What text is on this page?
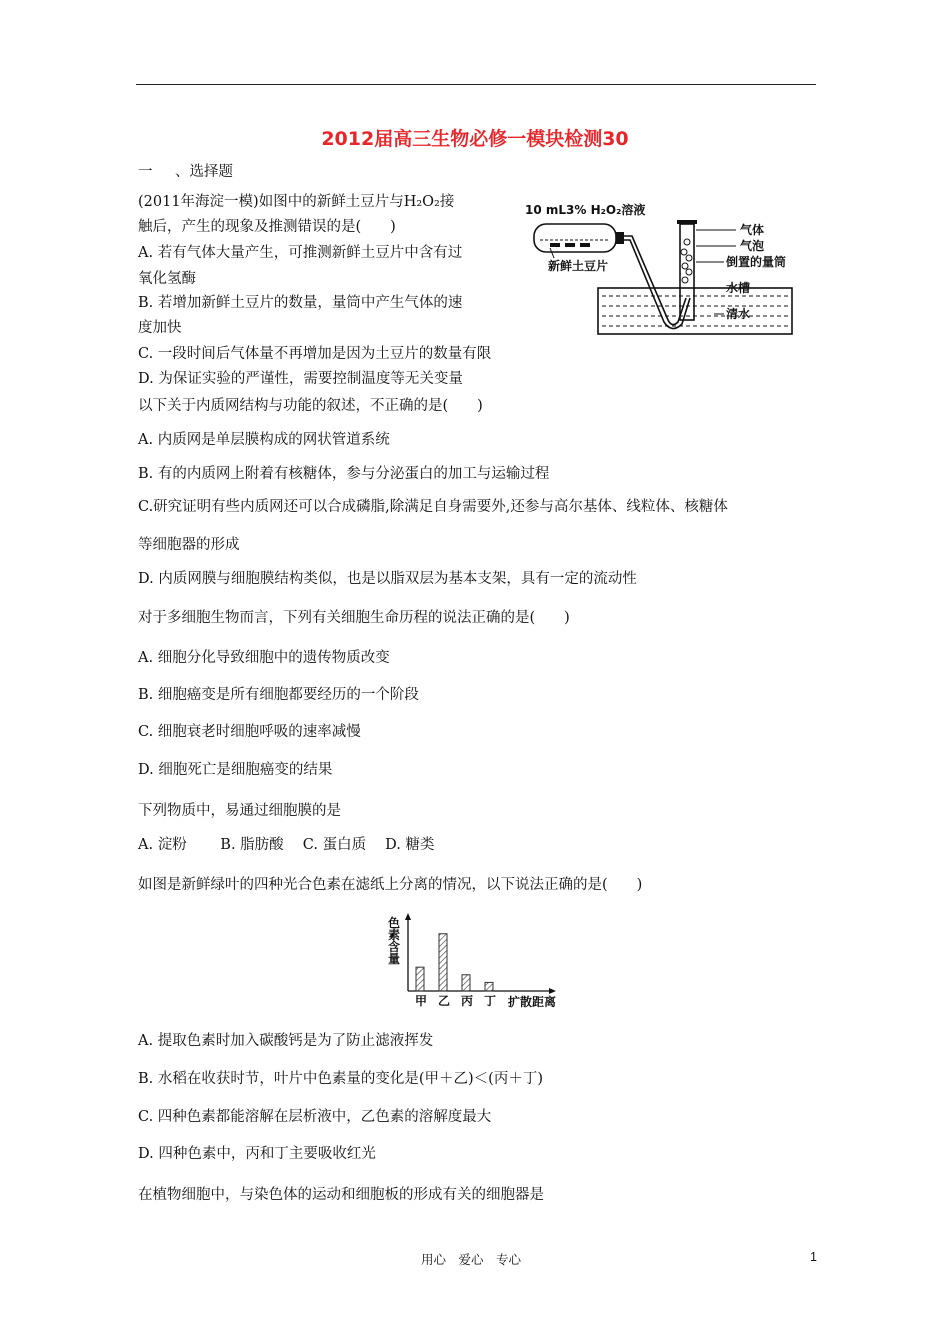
2012届高三生物必修一模块检测30
一 、选择题
(2011年海淀一模)如图中的新鲜土豆片与H₂O₂接
触后，产生的现象及推测错误的是(　　)
A. 若有气体大量产生，可推测新鲜土豆片中含有过
氧化氢酶
B. 若增加新鲜土豆片的数量，量筒中产生气体的速
度加快
C. 一段时间后气体量不再增加是因为土豆片的数量有限
D. 为保证实验的严谨性，需要控制温度等无关变量
10 mL3% H₂O₂溶液
新鲜土豆片
气体
气泡
倒置的量筒
水槽
清水
以下关于内质网结构与功能的叙述，不正确的是(　　)
A. 内质网是单层膜构成的网状管道系统
B. 有的内质网上附着有核糖体，参与分泌蛋白的加工与运输过程
C.研究证明有些内质网还可以合成磷脂,除满足自身需要外,还参与高尔基体、线粒体、核糖体
等细胞器的形成
D. 内质网膜与细胞膜结构类似，也是以脂双层为基本支架，具有一定的流动性
对于多细胞生物而言，下列有关细胞生命历程的说法正确的是(　　)
A. 细胞分化导致细胞中的遗传物质改变
B. 细胞癌变是所有细胞都要经历的一个阶段
C. 细胞衰老时细胞呼吸的速率减慢
D. 细胞死亡是细胞癌变的结果
下列物质中，易通过细胞膜的是
A. 淀粉　　 B. 脂肪酸　 C. 蛋白质　 D. 糖类
如图是新鲜绿叶的四种光合色素在滤纸上分离的情况，以下说法正确的是(　　)
色素含量
甲 乙 丙 丁 扩散距离
A. 提取色素时加入碳酸钙是为了防止滤液挥发
B. 水稻在收获时节，叶片中色素量的变化是(甲＋乙)＜(丙＋丁)
C. 四种色素都能溶解在层析液中，乙色素的溶解度最大
D. 四种色素中，丙和丁主要吸收红光
在植物细胞中，与染色体的运动和细胞板的形成有关的细胞器是
用心　爱心　专心	1
